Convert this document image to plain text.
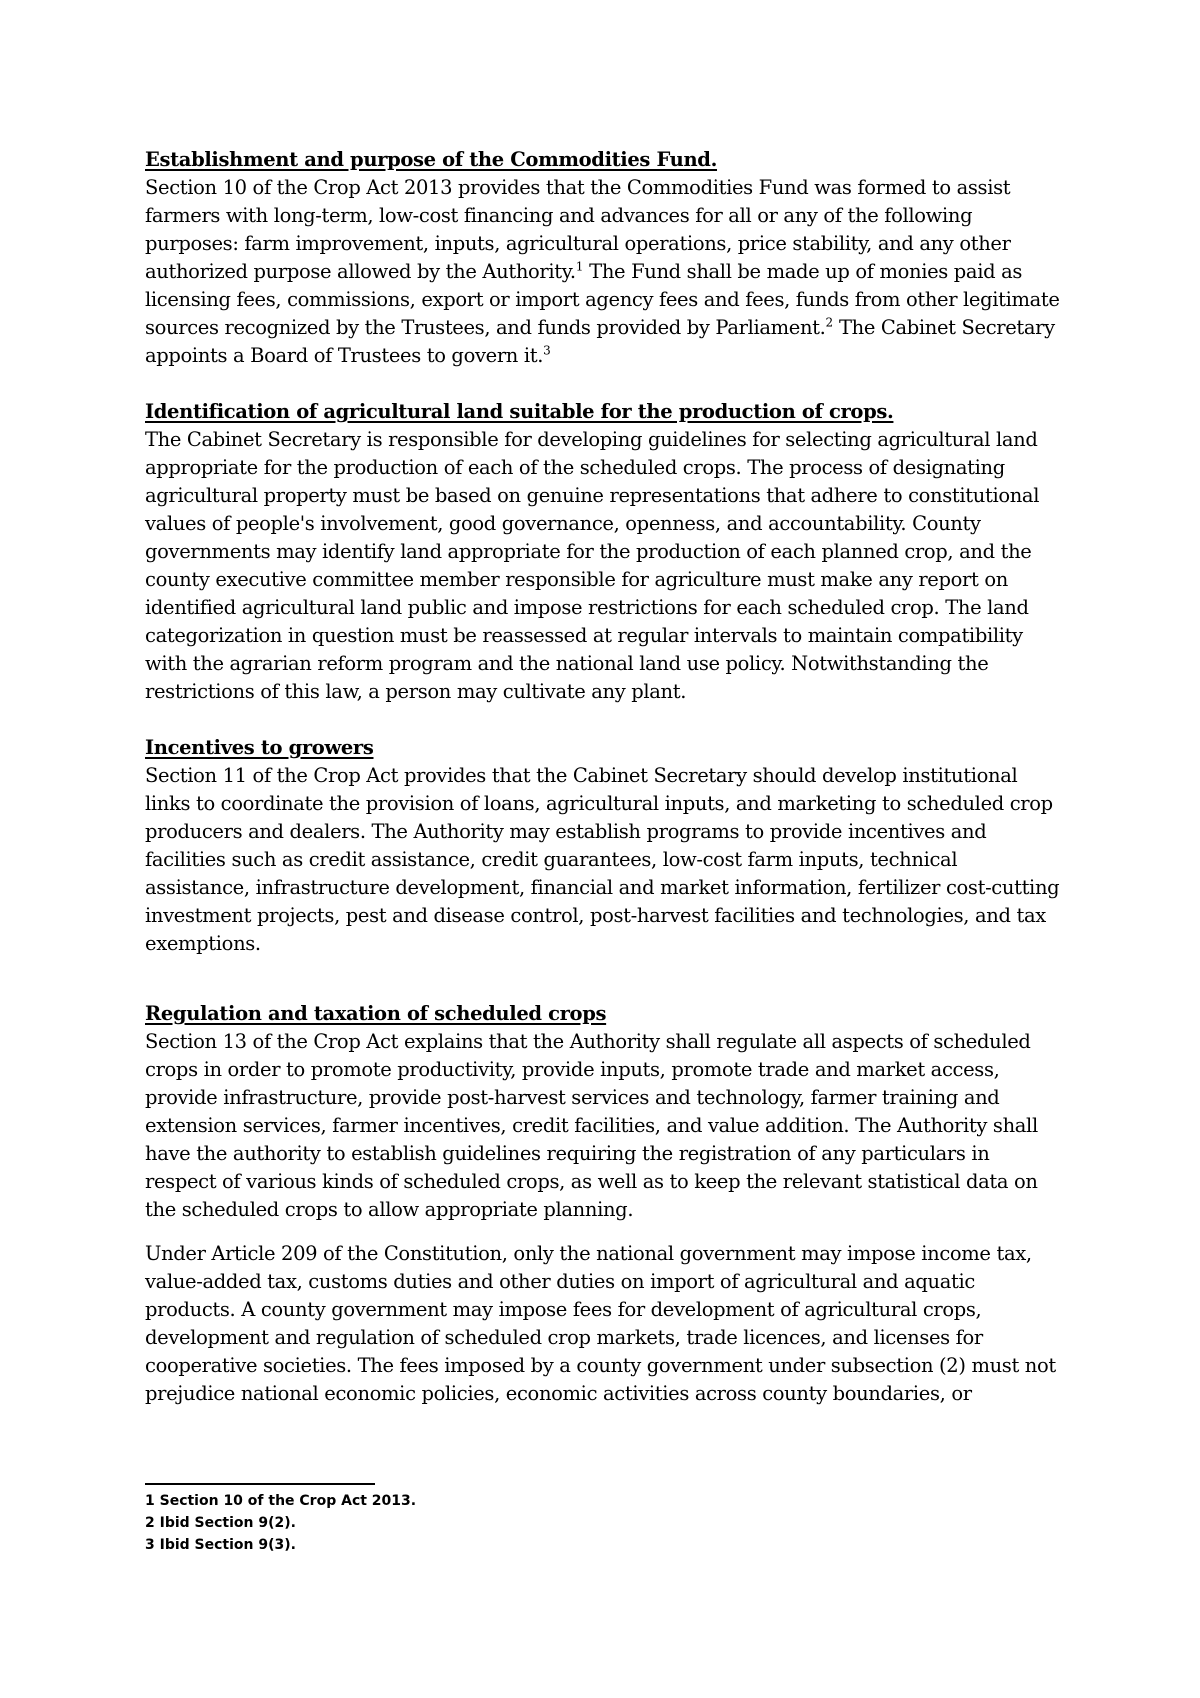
Establishment and purpose of the Commodities Fund.

Section 10 of the Crop Act 2013 provides that the Commodities Fund was formed to assist farmers with long-term, low-cost financing and advances for all or any of the following purposes: farm improvement, inputs, agricultural operations, price stability, and any other authorized purpose allowed by the Authority.$^1$ The Fund shall be made up of monies paid as licensing fees, commissions, export or import agency fees and fees, funds from other legitimate sources recognized by the Trustees, and funds provided by Parliament.$^2$ The Cabinet Secretary appoints a Board of Trustees to govern it.$^3$

Identification of agricultural land suitable for the production of crops.

The Cabinet Secretary is responsible for developing guidelines for selecting agricultural land appropriate for the production of each of the scheduled crops. The process of designating agricultural property must be based on genuine representations that adhere to constitutional values of people's involvement, good governance, openness, and accountability. County governments may identify land appropriate for the production of each planned crop, and the county executive committee member responsible for agriculture must make any report on identified agricultural land public and impose restrictions for each scheduled crop. The land categorization in question must be reassessed at regular intervals to maintain compatibility with the agrarian reform program and the national land use policy. Notwithstanding the restrictions of this law, a person may cultivate any plant.

Incentives to growers

Section 11 of the Crop Act provides that the Cabinet Secretary should develop institutional links to coordinate the provision of loans, agricultural inputs, and marketing to scheduled crop producers and dealers. The Authority may establish programs to provide incentives and facilities such as credit assistance, credit guarantees, low-cost farm inputs, technical assistance, infrastructure development, financial and market information, fertilizer cost-cutting investment projects, pest and disease control, post-harvest facilities and technologies, and tax exemptions.

Regulation and taxation of scheduled crops

Section 13 of the Crop Act explains that the Authority shall regulate all aspects of scheduled crops in order to promote productivity, provide inputs, promote trade and market access, provide infrastructure, provide post-harvest services and technology, farmer training and extension services, farmer incentives, credit facilities, and value addition. The Authority shall have the authority to establish guidelines requiring the registration of any particulars in respect of various kinds of scheduled crops, as well as to keep the relevant statistical data on the scheduled crops to allow appropriate planning.

Under Article 209 of the Constitution, only the national government may impose income tax, value-added tax, customs duties and other duties on import of agricultural and aquatic products. A county government may impose fees for development of agricultural crops, development and regulation of scheduled crop markets, trade licences, and licenses for cooperative societies. The fees imposed by a county government under subsection (2) must not prejudice national economic policies, economic activities across county boundaries, or

1 Section 10 of the Crop Act 2013.
2 Ibid Section 9(2).
3 Ibid Section 9(3).
